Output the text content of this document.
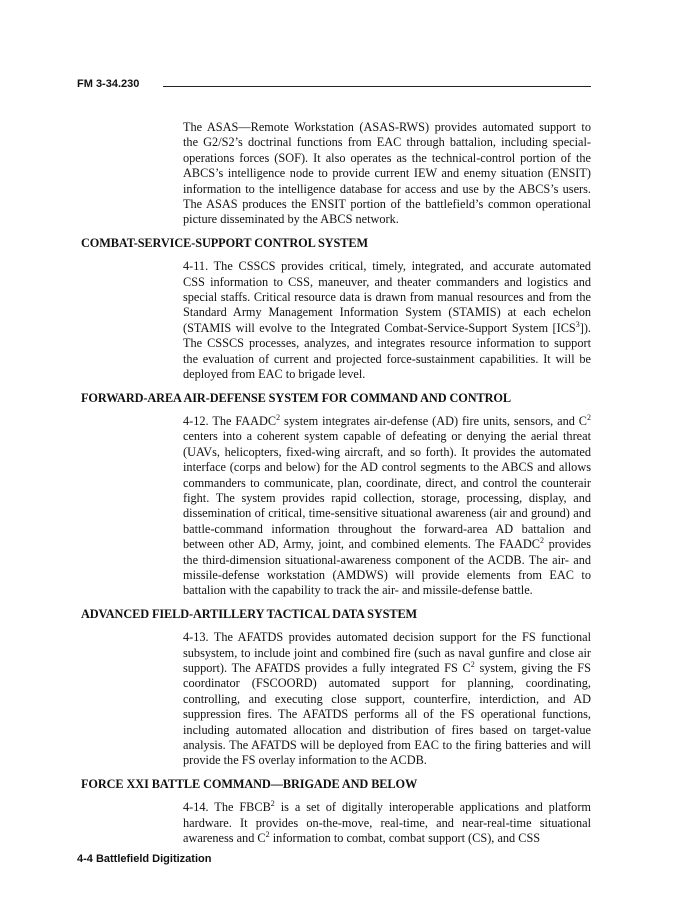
FM 3-34.230

The ASAS—Remote Workstation (ASAS-RWS) provides automated support to the G2/S2’s doctrinal functions from EAC through battalion, including special-operations forces (SOF). It also operates as the technical-control portion of the ABCS’s intelligence node to provide current IEW and enemy situation (ENSIT) information to the intelligence database for access and use by the ABCS’s users. The ASAS produces the ENSIT portion of the battlefield’s common operational picture disseminated by the ABCS network.

COMBAT-SERVICE-SUPPORT CONTROL SYSTEM

4-11. The CSSCS provides critical, timely, integrated, and accurate automated CSS information to CSS, maneuver, and theater commanders and logistics and special staffs. Critical resource data is drawn from manual resources and from the Standard Army Management Information System (STAMIS) at each echelon (STAMIS will evolve to the Integrated Combat-Service-Support System [ICS$^3$]). The CSSCS processes, analyzes, and integrates resource information to support the evaluation of current and projected force-sustainment capabilities. It will be deployed from EAC to brigade level.

FORWARD-AREA AIR-DEFENSE SYSTEM FOR COMMAND AND CONTROL

4-12. The FAADC$^2$ system integrates air-defense (AD) fire units, sensors, and $C^2$ centers into a coherent system capable of defeating or denying the aerial threat (UAVs, helicopters, fixed-wing aircraft, and so forth). It provides the automated interface (corps and below) for the AD control segments to the ABCS and allows commanders to communicate, plan, coordinate, direct, and control the counterair fight. The system provides rapid collection, storage, processing, display, and dissemination of critical, time-sensitive situational awareness (air and ground) and battle-command information throughout the forward-area AD battalion and between other AD, Army, joint, and combined elements. The FAADC$^2$ provides the third-dimension situational-awareness component of the ACDB. The air- and missile-defense workstation (AMDWS) will provide elements from EAC to battalion with the capability to track the air- and missile-defense battle.

ADVANCED FIELD-ARTILLERY TACTICAL DATA SYSTEM

4-13. The AFATDS provides automated decision support for the FS functional subsystem, to include joint and combined fire (such as naval gunfire and close air support). The AFATDS provides a fully integrated FS $C^2$ system, giving the FS coordinator (FSCOORD) automated support for planning, coordinating, controlling, and executing close support, counterfire, interdiction, and AD suppression fires. The AFATDS performs all of the FS operational functions, including automated allocation and distribution of fires based on target-value analysis. The AFATDS will be deployed from EAC to the firing batteries and will provide the FS overlay information to the ACDB.

FORCE XXI BATTLE COMMAND—BRIGADE AND BELOW

4-14. The FBCB$^2$ is a set of digitally interoperable applications and platform hardware. It provides on-the-move, real-time, and near-real-time situational awareness and $C^2$ information to combat, combat support (CS), and CSS

4-4 Battlefield Digitization
